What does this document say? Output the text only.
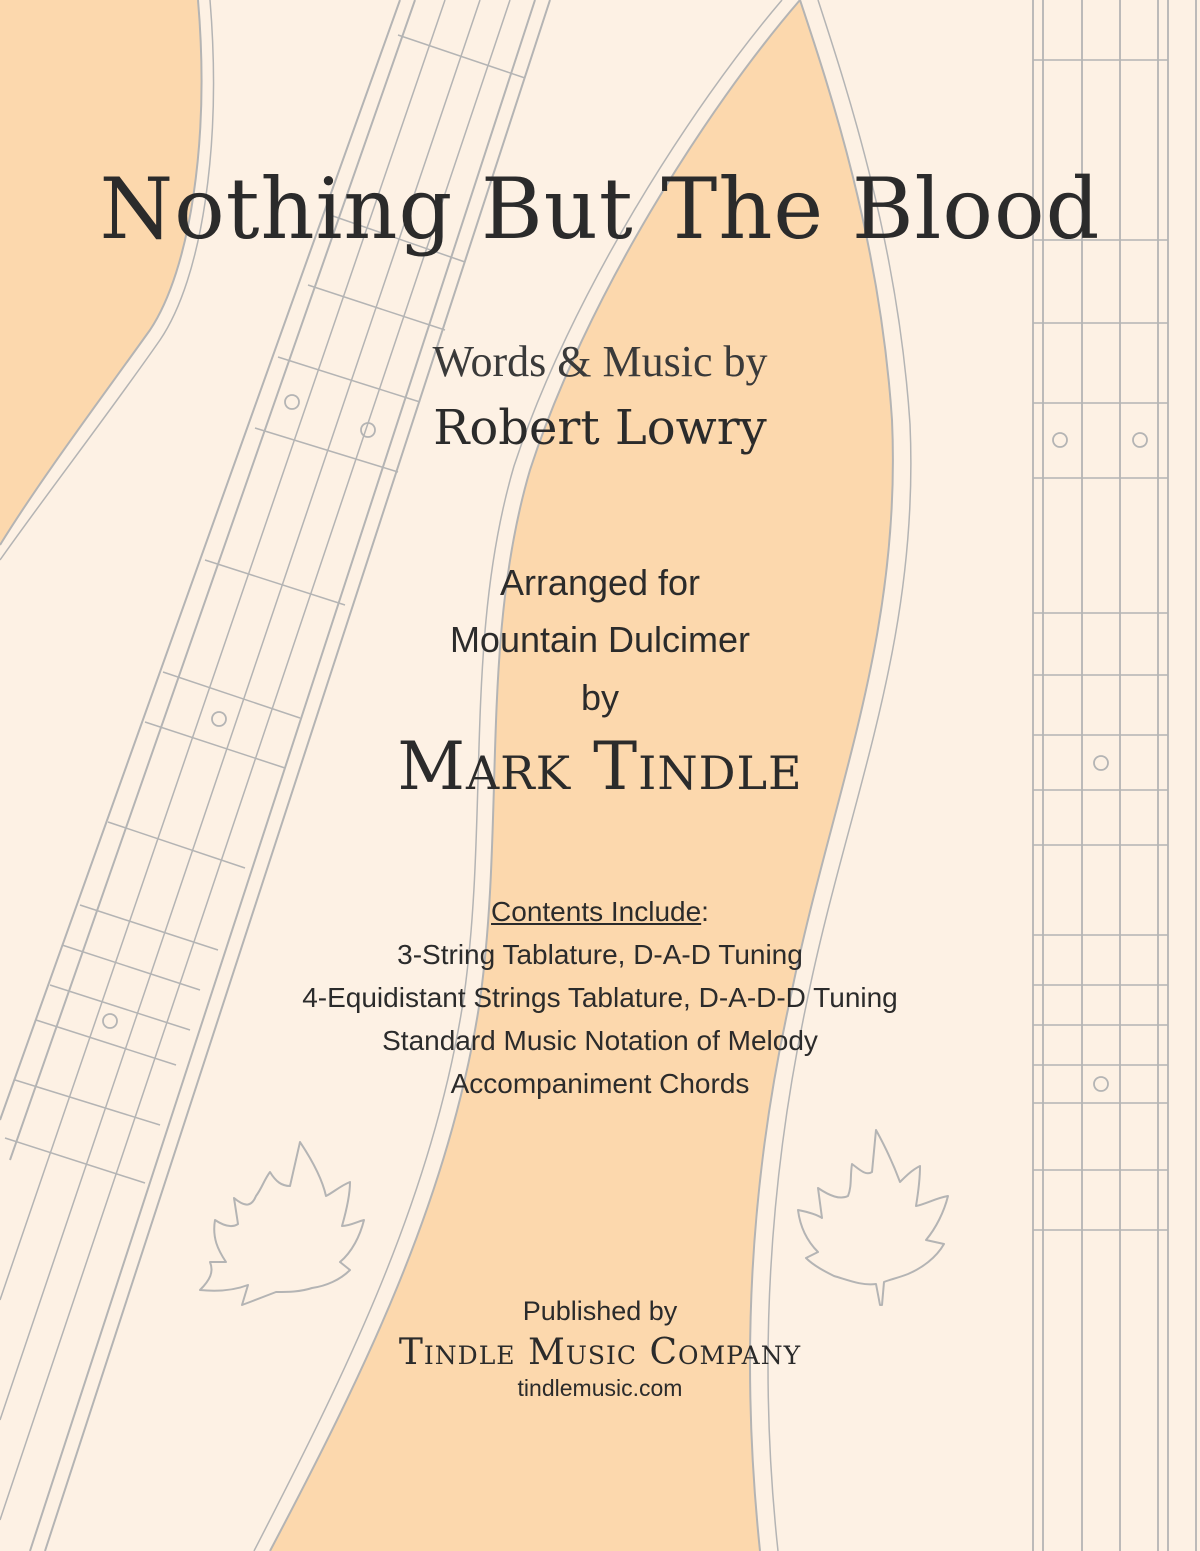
Nothing But The Blood
Words & Music by
Robert Lowry
Arranged for
Mountain Dulcimer
by
Mark Tindle
Contents Include:
3-String Tablature, D-A-D Tuning
4-Equidistant Strings Tablature, D-A-D-D Tuning
Standard Music Notation of Melody
Accompaniment Chords
Published by
Tindle Music Company
tindlemusic.com
